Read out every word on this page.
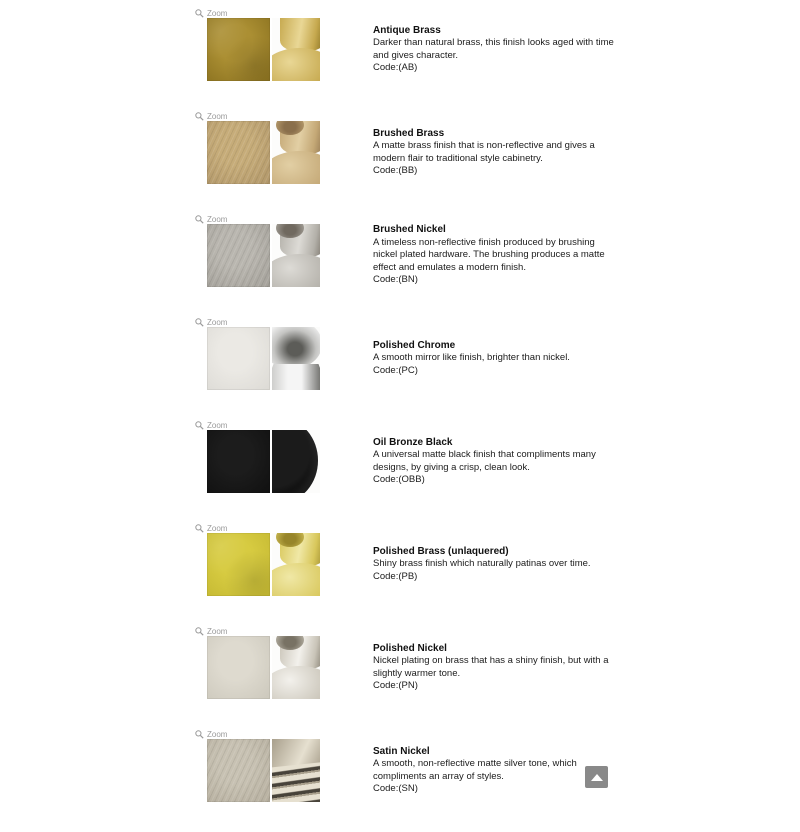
Zoom
Antique Brass
Darker than natural brass, this finish looks aged with time and gives character.
Code:(AB)
Zoom
Brushed Brass
A matte brass finish that is non-reflective and gives a modern flair to traditional style cabinetry.
Code:(BB)
Zoom
Brushed Nickel
A timeless non-reflective finish produced by brushing nickel plated hardware. The brushing produces a matte effect and emulates a modern finish.
Code:(BN)
Zoom
Polished Chrome
A smooth mirror like finish, brighter than nickel.
Code:(PC)
Zoom
Oil Bronze Black
A universal matte black finish that compliments many designs, by giving a crisp, clean look.
Code:(OBB)
Zoom
Polished Brass (unlaquered)
Shiny brass finish which naturally patinas over time.
Code:(PB)
Zoom
Polished Nickel
Nickel plating on brass that has a shiny finish, but with a slightly warmer tone.
Code:(PN)
Zoom
Satin Nickel
A smooth, non-reflective matte silver tone, which compliments an array of styles.
Code:(SN)
